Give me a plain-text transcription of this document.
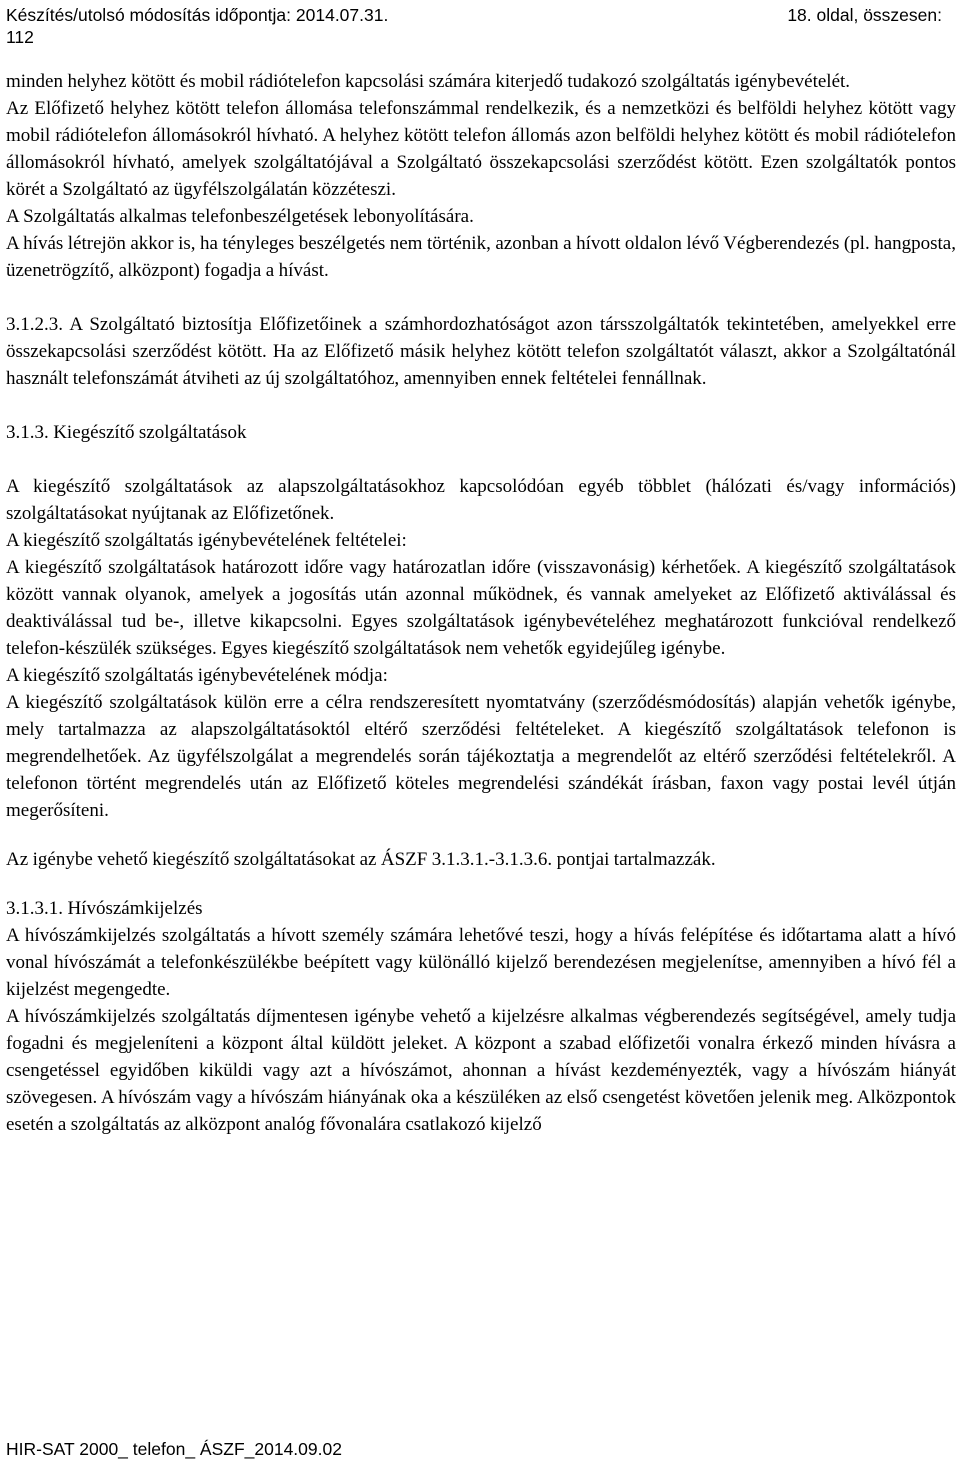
Készítés/utolsó módosítás időpontja: 2014.07.31.	18. oldal, összesen:
112

minden helyhez kötött és mobil rádiótelefon kapcsolási számára kiterjedő tudakozó szolgáltatás igénybevételét.

Az Előfizető helyhez kötött telefon állomása telefonszámmal rendelkezik, és a nemzetközi és belföldi helyhez kötött vagy mobil rádiótelefon állomásokról hívható. A helyhez kötött telefon állomás azon belföldi helyhez kötött és mobil rádiótelefon állomásokról hívható, amelyek szolgáltatójával a Szolgáltató összekapcsolási szerződést kötött. Ezen szolgáltatók pontos körét a Szolgáltató az ügyfélszolgálatán közzéteszi.

A Szolgáltatás alkalmas telefonbeszélgetések lebonyolítására.

A hívás létrejön akkor is, ha tényleges beszélgetés nem történik, azonban a hívott oldalon lévő Végberendezés (pl. hangposta, üzenetrögzítő, alközpont) fogadja a hívást.

3.1.2.3. A Szolgáltató biztosítja Előfizetőinek a számhordozhatóságot azon társszolgáltatók tekintetében, amelyekkel erre összekapcsolási szerződést kötött. Ha az Előfizető másik helyhez kötött telefon szolgáltatót választ, akkor a Szolgáltatónál használt telefonszámát átviheti az új szolgáltatóhoz, amennyiben ennek feltételei fennállnak.

3.1.3. Kiegészítő szolgáltatások

A kiegészítő szolgáltatások az alapszolgáltatásokhoz kapcsolódóan egyéb többlet (hálózati és/vagy információs) szolgáltatásokat nyújtanak az Előfizetőnek.

A kiegészítő szolgáltatás igénybevételének feltételei:

A kiegészítő szolgáltatások határozott időre vagy határozatlan időre (visszavonásig) kérhetőek. A kiegészítő szolgáltatások között vannak olyanok, amelyek a jogosítás után azonnal működnek, és vannak amelyeket az Előfizető aktiválással és deaktiválással tud be-, illetve kikapcsolni. Egyes szolgáltatások igénybevételéhez meghatározott funkcióval rendelkező telefon-készülék szükséges. Egyes kiegészítő szolgáltatások nem vehetők egyidejűleg igénybe.

A kiegészítő szolgáltatás igénybevételének módja:

A kiegészítő szolgáltatások külön erre a célra rendszeresített nyomtatvány (szerződésmódosítás) alapján vehetők igénybe, mely tartalmazza az alapszolgáltatásoktól eltérő szerződési feltételeket. A kiegészítő szolgáltatások telefonon is megrendelhetőek. Az ügyfélszolgálat a megrendelés során tájékoztatja a megrendelőt az eltérő szerződési feltételekről. A telefonon történt megrendelés után az Előfizető köteles megrendelési szándékát írásban, faxon vagy postai levél útján megerősíteni.

Az igénybe vehető kiegészítő szolgáltatásokat az ÁSZF 3.1.3.1.-3.1.3.6. pontjai tartalmazzák.

3.1.3.1. Hívószámkijelzés

A hívószámkijelzés szolgáltatás a hívott személy számára lehetővé teszi, hogy a hívás felépítése és időtartama alatt a hívó vonal hívószámát a telefonkészülékbe beépített vagy különálló kijelző berendezésen megjelenítse, amennyiben a hívó fél a kijelzést megengedte.

A hívószámkijelzés szolgáltatás díjmentesen igénybe vehető a kijelzésre alkalmas végberendezés segítségével, amely tudja fogadni és megjeleníteni a központ által küldött jeleket. A központ a szabad előfizetői vonalra érkező minden hívásra a csengetéssel egyidőben kiküldi vagy azt a hívószámot, ahonnan a hívást kezdeményezték, vagy a hívószám hiányát szövegesen. A hívószám vagy a hívószám hiányának oka a készüléken az első csengetést követően jelenik meg. Alközpontok esetén a szolgáltatás az alközpont analóg fővonalára csatlakozó kijelző

HIR-SAT 2000_ telefon_ ÁSZF_2014.09.02
